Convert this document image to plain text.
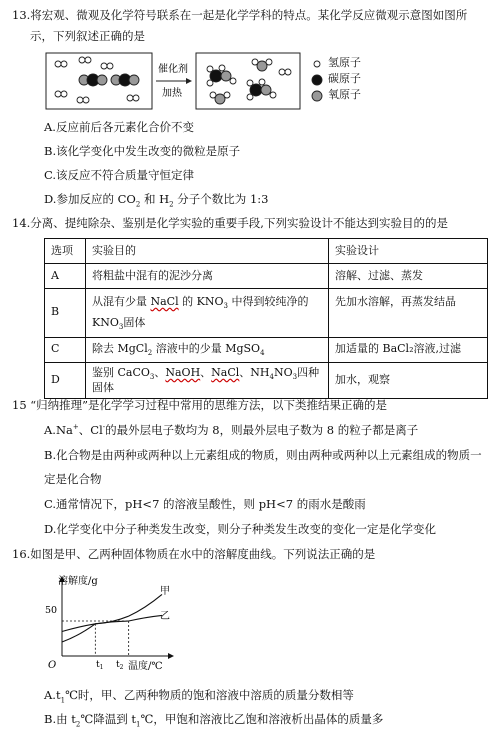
13.将宏观、微观及化学符号联系在一起是化学学科的特点。某化学反应微观示意图如图所
示，下列叙述正确的是
催化剂
加热
氢原子
碳原子
氧原子
A.反应前后各元素化合价不变
B.该化学变化中发生改变的微粒是原子
C.该反应不符合质量守恒定律
D.参加反应的 $CO_2$ 和 $H_2$ 分子个数比为 1:3
14.分离、提纯除杂、鉴别是化学实验的重要手段,下列实验设计不能达到实验目的的是
选项	实验目的	实验设计
A	将粗盐中混有的泥沙分离	溶解、过滤、蒸发
B	从混有少量 NaCl 的 $KNO_3$ 中得到较纯净的
$KNO_3$固体	先加水溶解，再蒸发结晶
C	除去 MgCl$_2$ 溶液中的少量 MgSO$_4$	加适量的 BaCl₂溶液,过滤
D	鉴别 CaCO$_3$、NaOH、NaCl、$NH_4NO_3$四种固体	加水，观察
15 “归纳推理”是化学学习过程中常用的思维方法，以下类推结果正确的是
A.Na+、Cl-的最外层电子数均为 8，则最外层电子数为 8 的粒子都是离子
B.化合物是由两种或两种以上元素组成的物质，则由两种或两种以上元素组成的物质一
定是化合物
C.通常情况下，pH<7 的溶液呈酸性，则 pH<7 的雨水是酸雨
D.化学变化中分子种类发生改变，则分子种类发生改变的变化一定是化学变化
16.如图是甲、乙两种固体物质在水中的溶解度曲线。下列说法正确的是
溶解度/g
温度/℃
O
50
甲
乙
$t_1$ $t_2$
$A.t_1℃$时，甲、乙两种物质的饱和溶液中溶质的质量分数相等
B.由 $t_2℃$降温到 $t_1℃$，甲饱和溶液比乙饱和溶液析出晶体的质量多
